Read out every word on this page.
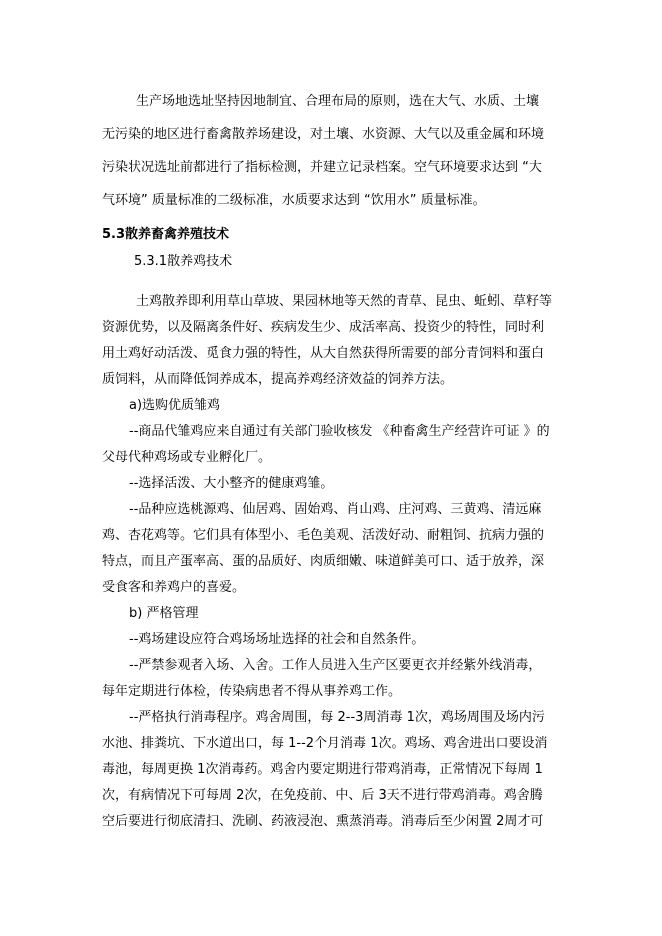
生产场地选址坚持因地制宜、合理布局的原则，选在大气、水质、土壤

无污染的地区进行畜禽散养场建设，对土壤、水资源、大气以及重金属和环境

污染状况选址前都进行了指标检测，并建立记录档案。空气环境要求达到 “大

气环境” 质量标准的二级标准，水质要求达到 “饮用水” 质量标准。

5.3散养畜禽养殖技术

5.3.1散养鸡技术

土鸡散养即利用草山草坡、果园林地等天然的青草、昆虫、蚯蚓、草籽等

资源优势，以及隔离条件好、疾病发生少、成活率高、投资少的特性，同时利

用土鸡好动活泼、觅食力强的特性，从大自然获得所需要的部分青饲料和蛋白

质饲料，从而降低饲养成本，提高养鸡经济效益的饲养方法。

a)选购优质雏鸡

--商品代雏鸡应来自通过有关部门验收核发 《种畜禽生产经营许可证 》的

父母代种鸡场或专业孵化厂。

--选择活泼、大小整齐的健康鸡雏。

--品种应选桃源鸡、仙居鸡、固始鸡、肖山鸡、庄河鸡、三黄鸡、清远麻

鸡、杏花鸡等。它们具有体型小、毛色美观、活泼好动、耐粗饲、抗病力强的

特点，而且产蛋率高、蛋的品质好、肉质细嫩、味道鲜美可口、适于放养，深

受食客和养鸡户的喜爱。

b) 严格管理

--鸡场建设应符合鸡场场址选择的社会和自然条件。

--严禁参观者入场、入舍。工作人员进入生产区要更衣并经紫外线消毒，

每年定期进行体检，传染病患者不得从事养鸡工作。

--严格执行消毒程序。鸡舍周围，每 2--3周消毒 1次，鸡场周围及场内污

水池、排粪坑、下水道出口，每 1--2个月消毒 1次。鸡场、鸡舍进出口要设消

毒池，每周更换 1次消毒药。鸡舍内要定期进行带鸡消毒，正常情况下每周 1

次，有病情况下可每周 2次，在免疫前、中、后 3天不进行带鸡消毒。鸡舍腾

空后要进行彻底清扫、洗刷、药液浸泡、熏蒸消毒。消毒后至少闲置 2周才可
